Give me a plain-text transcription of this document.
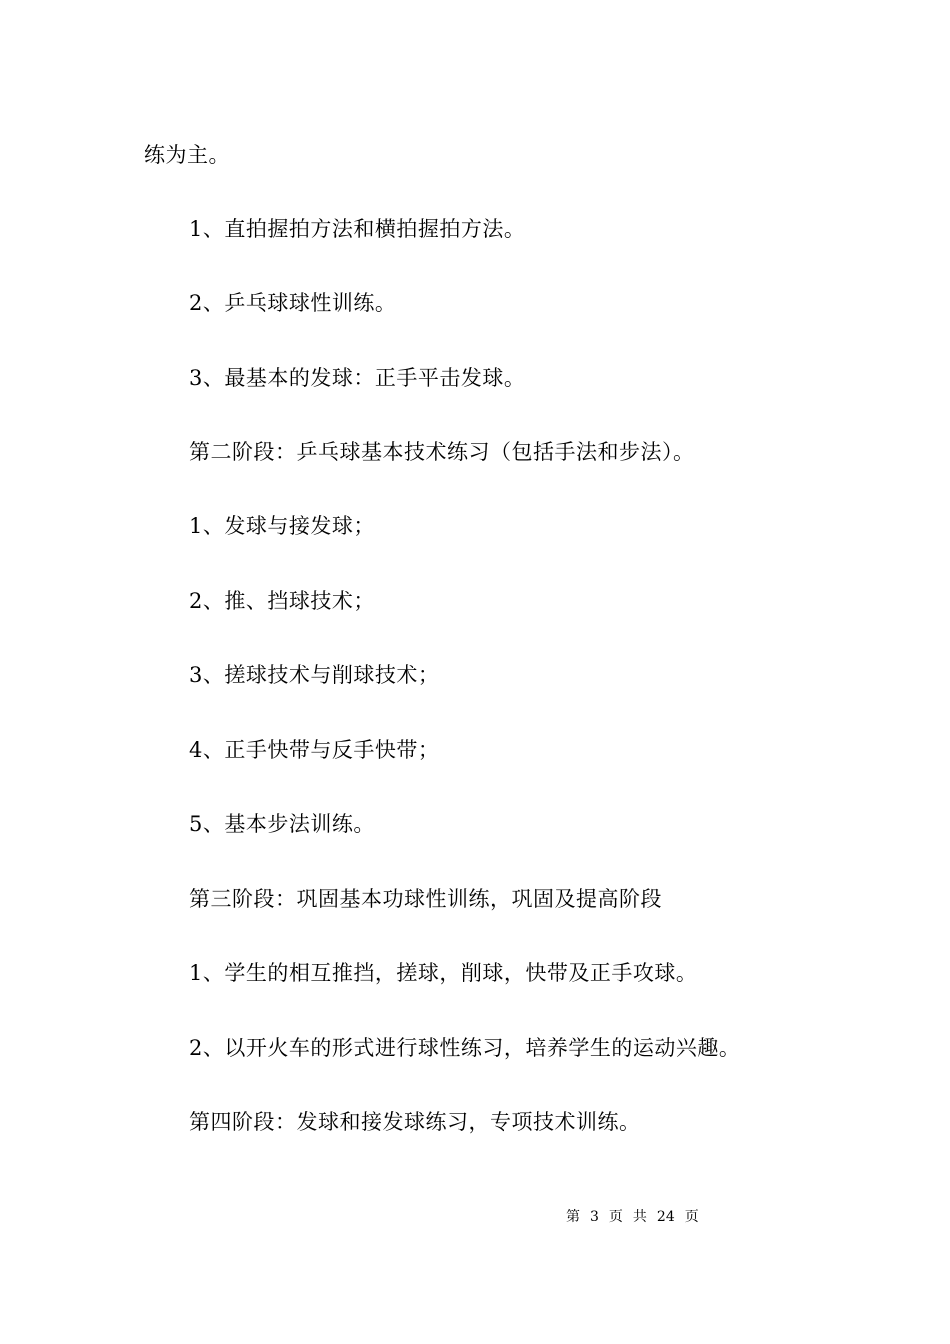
练为主。
1、直拍握拍方法和横拍握拍方法。
2、乒乓球球性训练。
3、最基本的发球：正手平击发球。
第二阶段：乒乓球基本技术练习（包括手法和步法）。
1、发球与接发球；
2、推、挡球技术；
3、搓球技术与削球技术；
4、正手快带与反手快带；
5、基本步法训练。
第三阶段：巩固基本功球性训练，巩固及提高阶段
1、学生的相互推挡，搓球，削球，快带及正手攻球。
2、以开火车的形式进行球性练习，培养学生的运动兴趣。
第四阶段：发球和接发球练习，专项技术训练。
第 3 页 共 24 页
